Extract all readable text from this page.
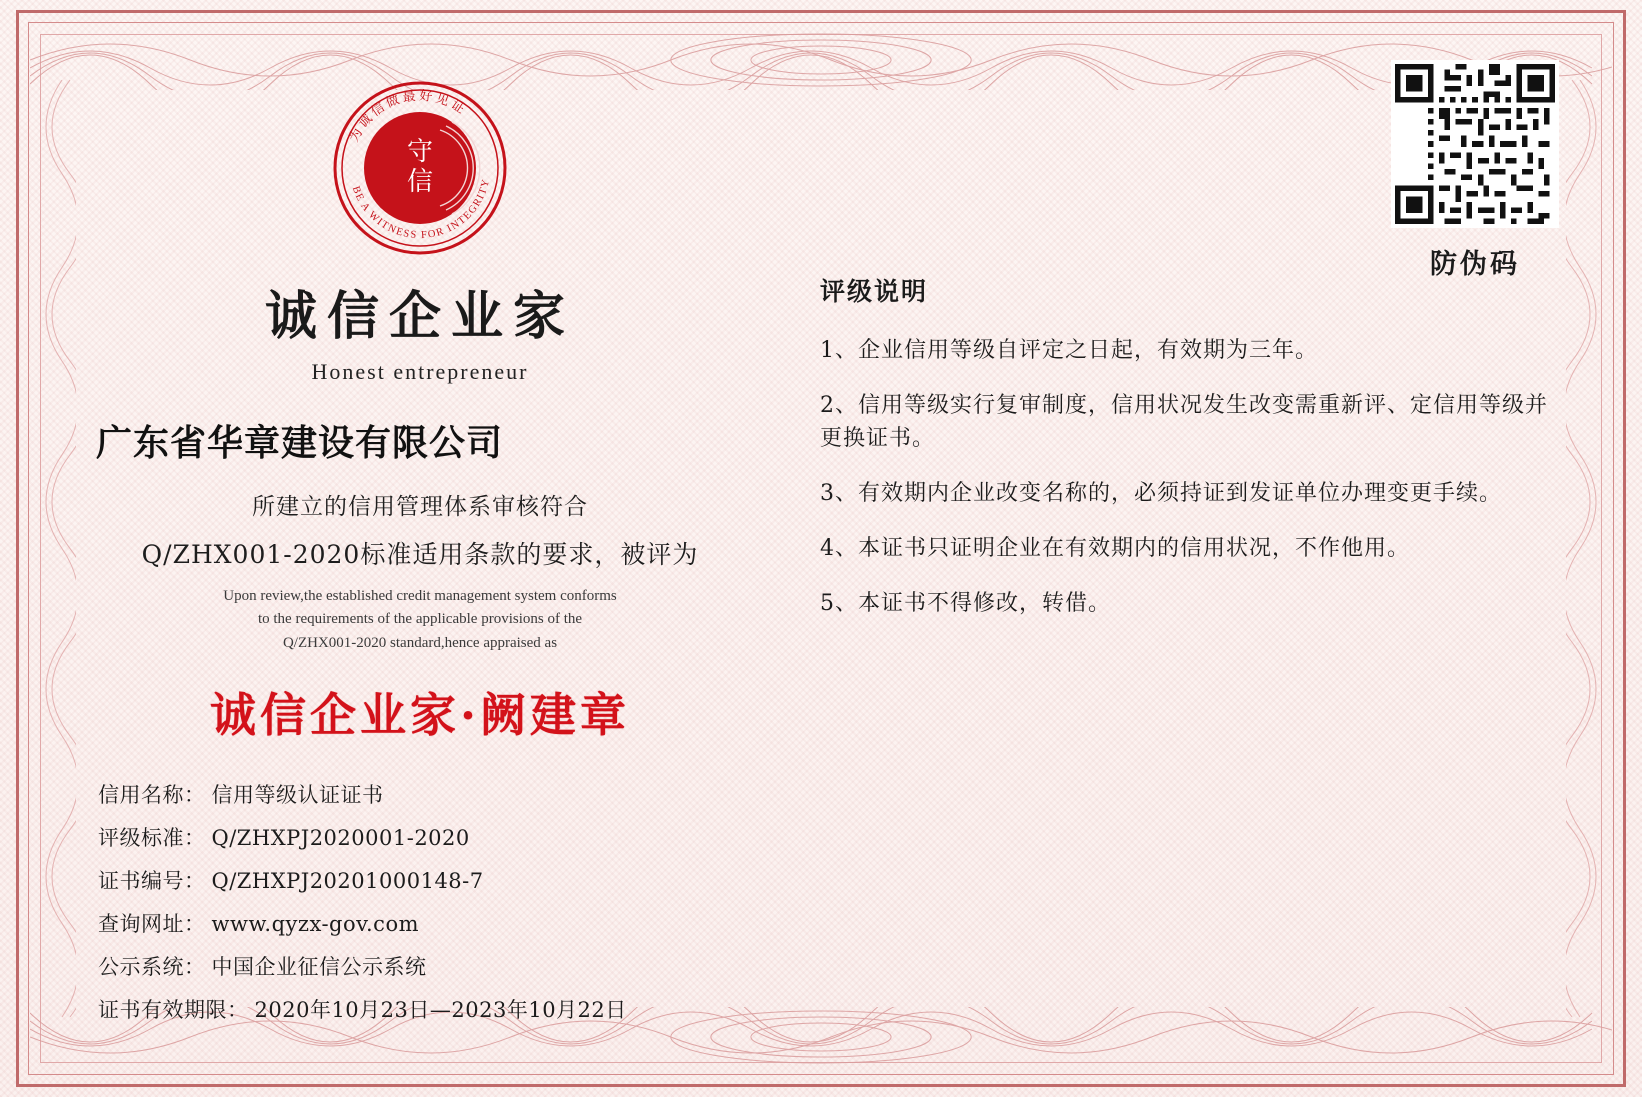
守
信
为诚信做最好见证
BE A WITNESS FOR INTEGRITY
诚信企业家
Honest entrepreneur
广东省华章建设有限公司
所建立的信用管理体系审核符合
Q/ZHX001-2020标准适用条款的要求，被评为
Upon review,the established credit management system conforms
to the requirements of the applicable provisions of the
Q/ZHX001-2020 standard,hence appraised as
诚信企业家·阙建章
信用名称： 信用等级认证证书
评级标准： Q/ZHXPJ2020001-2020
证书编号： Q/ZHXPJ20201000148-7
查询网址： www.qyzx-gov.com
公示系统： 中国企业征信公示系统
证书有效期限： 2020年10月23日—2023年10月22日
防伪码
评级说明
1、企业信用等级自评定之日起，有效期为三年。
2、信用等级实行复审制度，信用状况发生改变需重新评、定信用等级并更换证书。
3、有效期内企业改变名称的，必须持证到发证单位办理变更手续。
4、本证书只证明企业在有效期内的信用状况，不作他用。
5、本证书不得修改，转借。
